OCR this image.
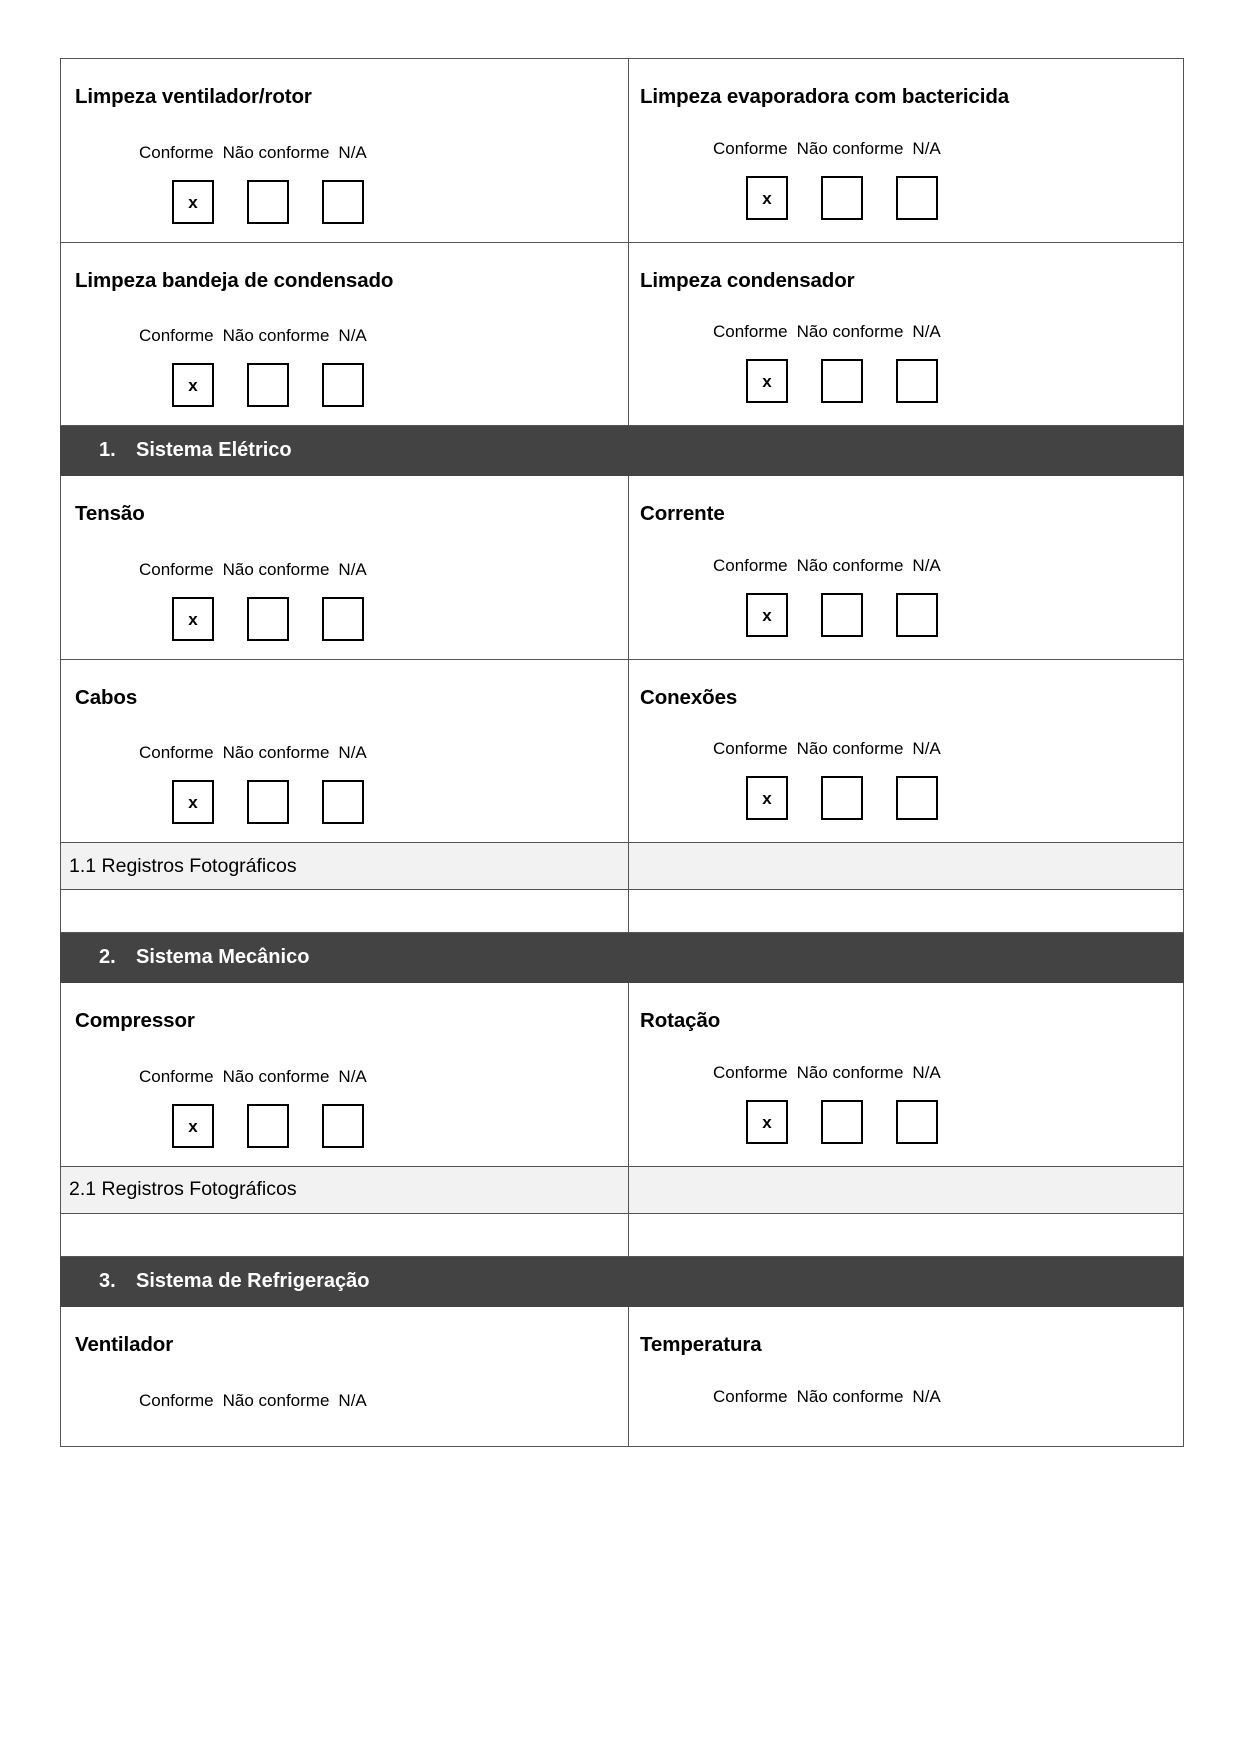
Limpeza ventilador/rotor
Conforme Não conforme N/A
x

Limpeza evaporadora com bactericida
Conforme Não conforme N/A
x

Limpeza bandeja de condensado
Conforme Não conforme N/A
x

Limpeza condensador
Conforme Não conforme N/A
x

1. Sistema Elétrico	

Tensão
Conforme Não conforme N/A
x

Corrente
Conforme Não conforme N/A
x

Cabos
Conforme Não conforme N/A
x

Conexões
Conforme Não conforme N/A
x

1.1 Registros Fotográficos	

2. Sistema Mecânico	

Compressor
Conforme Não conforme N/A
x

Rotação
Conforme Não conforme N/A
x

2.1 Registros Fotográficos	

3. Sistema de Refrigeração	

Ventilador
Conforme Não conforme N/A

Temperatura
Conforme Não conforme N/A
